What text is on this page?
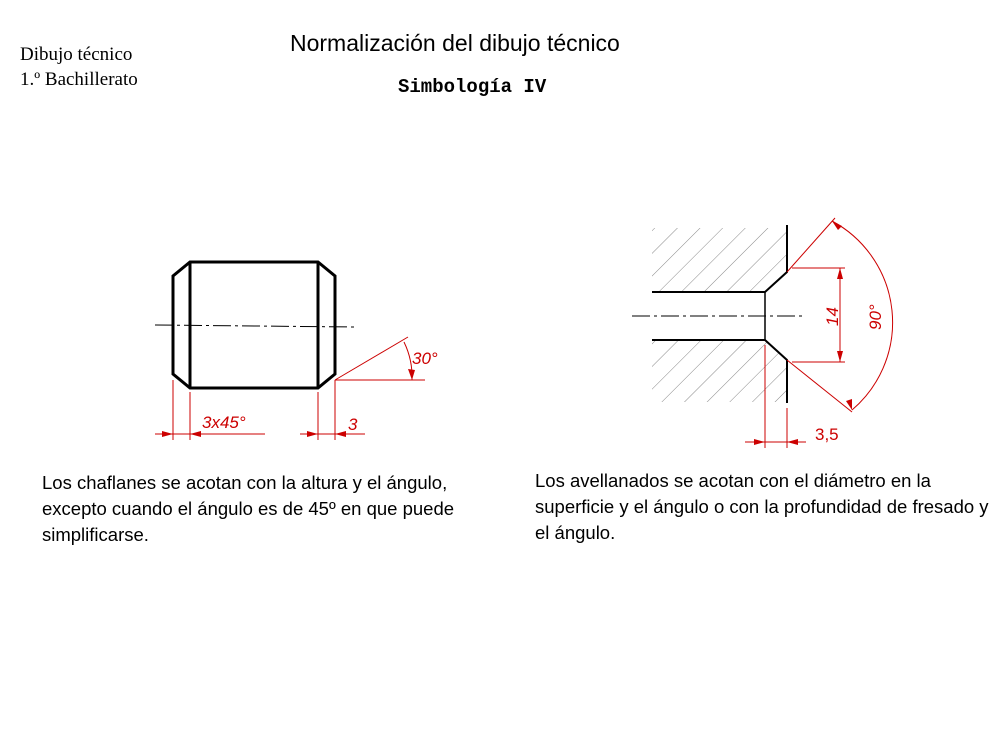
Dibujo técnico
1.º Bachillerato
Normalización del dibujo técnico
Simbología IV
3x45°	3
30°
14 90°
3,5
Los chaflanes se acotan con la altura y el ángulo, excepto cuando el ángulo es de 45º en que puede simplificarse.
Los avellanados se acotan con el diámetro en la superficie y el ángulo o con la profundidad de fresado y el ángulo.
